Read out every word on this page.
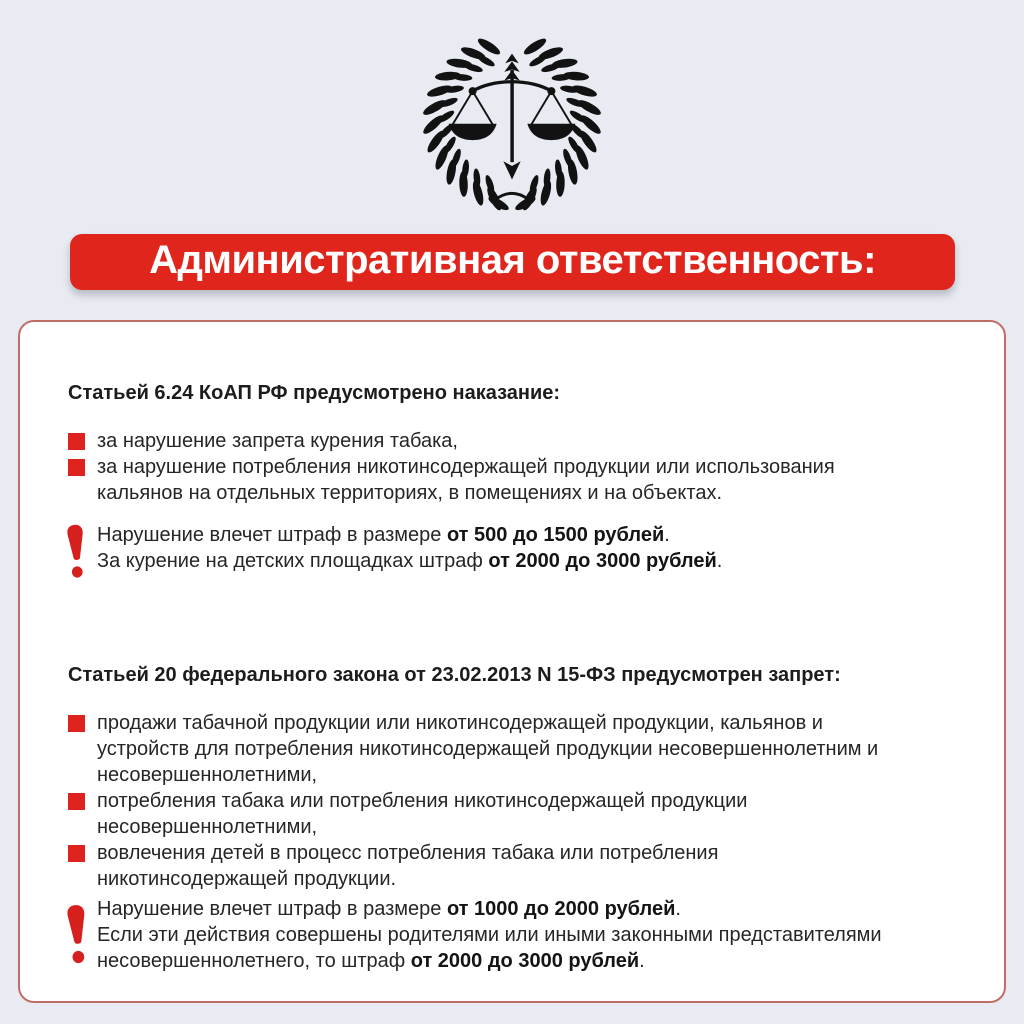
Административная ответственность:
Статьей 6.24 КоАП РФ предусмотрено наказание:

за нарушение запрета курения табака,

за нарушение потребления никотинсодержащей продукции или использования кальянов на отдельных территориях, в помещениях и на объектах.

Нарушение влечет штраф в размере от 500 до 1500 рублей.

За курение на детских площадках штраф от 2000 до 3000 рублей.

Статьей 20 федерального закона от 23.02.2013 N 15-ФЗ предусмотрен запрет:

продажи табачной продукции или никотинсодержащей продукции, кальянов и устройств для потребления никотинсодержащей продукции несовершеннолетним и несовершеннолетними,

потребления табака или потребления никотинсодержащей продукции несовершеннолетними,

вовлечения детей в процесс потребления табака или потребления никотинсодержащей продукции.

Нарушение влечет штраф в размере от 1000 до 2000 рублей.

Если эти действия совершены родителями или иными законными представителями несовершеннолетнего, то штраф от 2000 до 3000 рублей.
